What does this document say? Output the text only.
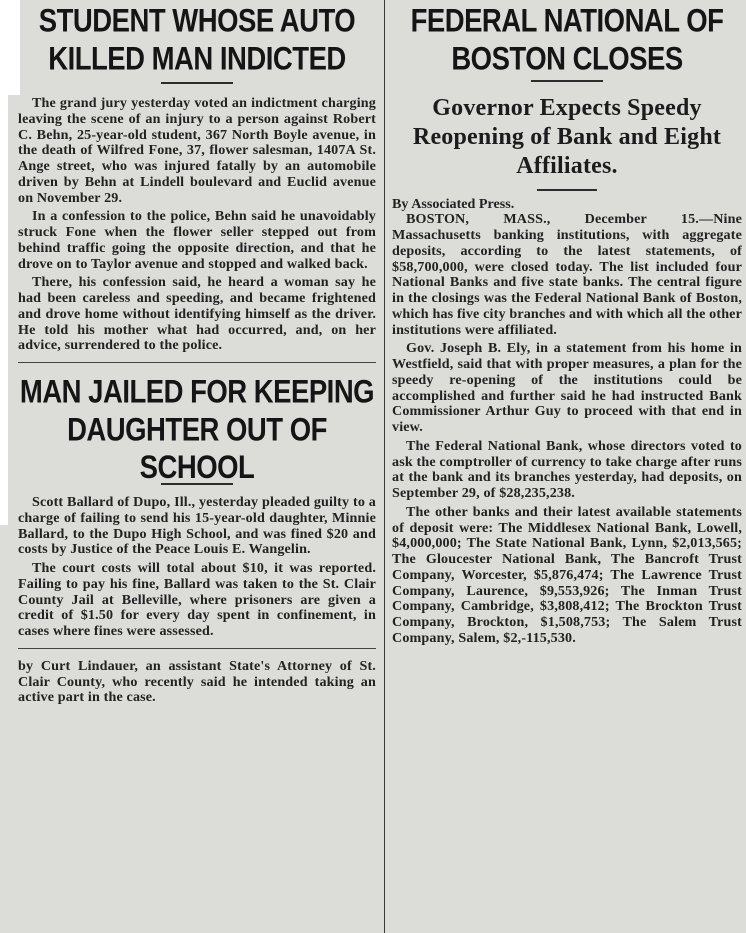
STUDENT WHOSE AUTO KILLED MAN INDICTED

The grand jury yesterday voted an indictment charging leaving the scene of an injury to a person against Robert C. Behn, 25-year-old student, 367 North Boyle avenue, in the death of Wilfred Fone, 37, flower salesman, 1407A St. Ange street, who was injured fatally by an automobile driven by Behn at Lindell boulevard and Euclid avenue on November 29.

In a confession to the police, Behn said he unavoidably struck Fone when the flower seller stepped out from behind traffic going the opposite direction, and that he drove on to Taylor avenue and stopped and walked back.

There, his confession said, he heard a woman say he had been careless and speeding, and became frightened and drove home without identifying himself as the driver. He told his mother what had occurred, and, on her advice, surrendered to the police.

MAN JAILED FOR KEEPING DAUGHTER OUT OF SCHOOL

Scott Ballard of Dupo, Ill., yesterday pleaded guilty to a charge of failing to send his 15-year-old daughter, Minnie Ballard, to the Dupo High School, and was fined $20 and costs by Justice of the Peace Louis E. Wangelin.

The court costs will total about $10, it was reported. Failing to pay his fine, Ballard was taken to the St. Clair County Jail at Belleville, where prisoners are given a credit of $1.50 for every day spent in confinement, in cases where fines were assessed.

by Curt Lindauer, an assistant State's Attorney of St. Clair County, who recently said he intended taking an active part in the case.

FEDERAL NATIONAL OF BOSTON CLOSES
Governor Expects Speedy Reopening of Bank and Eight Affiliates.
By Associated Press.

BOSTON, MASS., December 15.—Nine Massachusetts banking institutions, with aggregate deposits, according to the latest statements, of $58,700,000, were closed today. The list included four National Banks and five state banks. The central figure in the closings was the Federal National Bank of Boston, which has five city branches and with which all the other institutions were affiliated.

Gov. Joseph B. Ely, in a statement from his home in Westfield, said that with proper measures, a plan for the speedy re-opening of the institutions could be accomplished and further said he had instructed Bank Commissioner Arthur Guy to proceed with that end in view.

The Federal National Bank, whose directors voted to ask the comptroller of currency to take charge after runs at the bank and its branches yesterday, had deposits, on September 29, of $28,235,238.

The other banks and their latest available statements of deposit were: The Middlesex National Bank, Lowell, $4,000,000; The State National Bank, Lynn, $2,013,565; The Gloucester National Bank, The Bancroft Trust Company, Worcester, $5,876,474; The Lawrence Trust Company, Laurence, $9,553,926; The Inman Trust Company, Cambridge, $3,808,412; The Brockton Trust Company, Brockton, $1,508,753; The Salem Trust Company, Salem, $2,-115,530.
